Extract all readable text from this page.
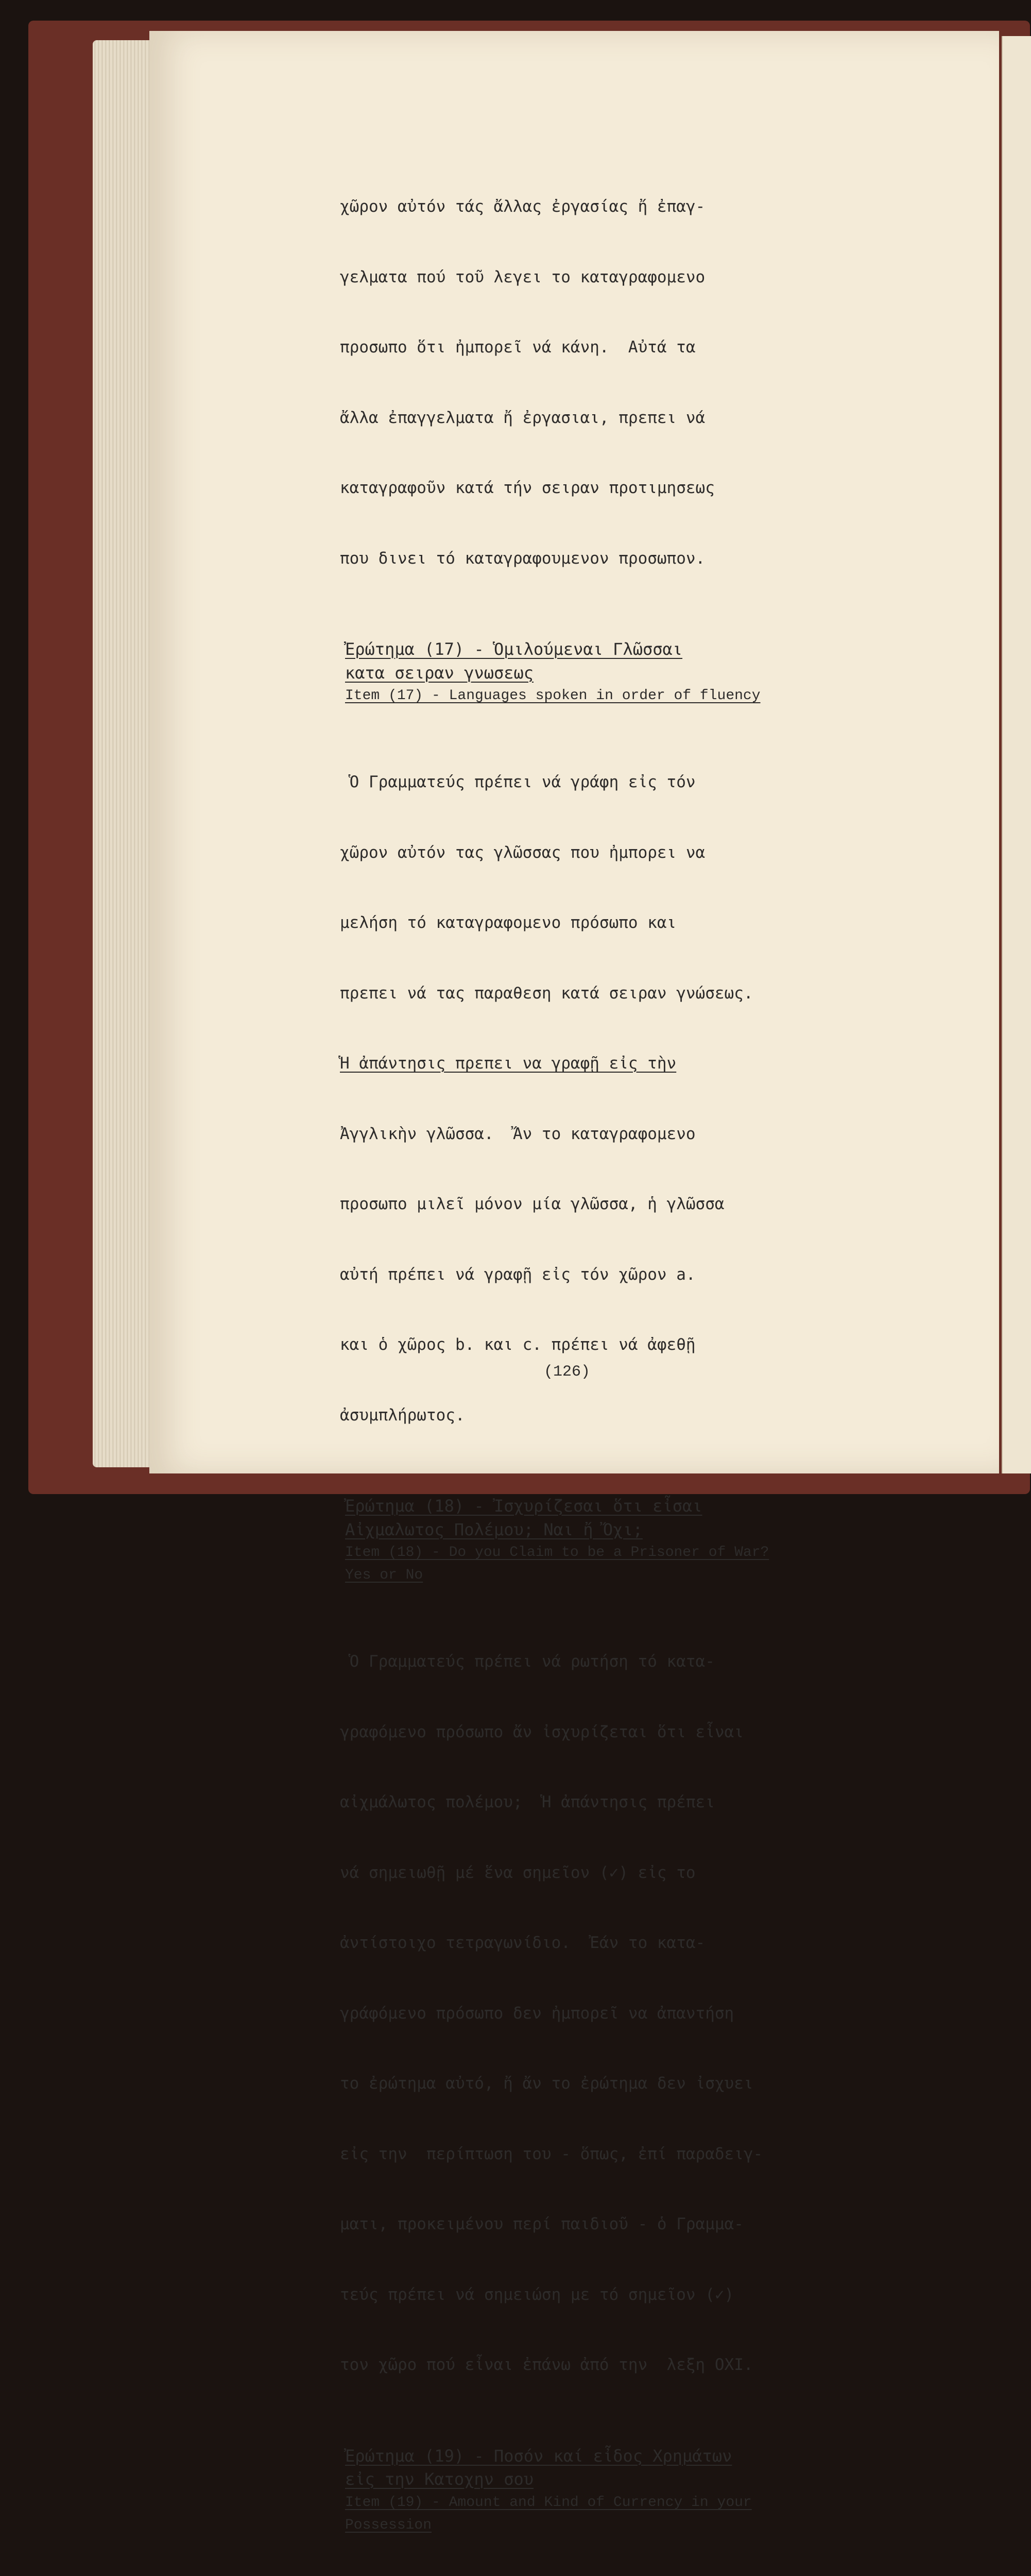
χῶρον αὐτόν τάς ἄλλας ἐργασίας ἤ ἐπαγ-

γελματα πού τοῦ λεγει το καταγραφομενο

προσωπο ὅτι ἠμπορεῖ νά κάνη.  Αὐτά τα

ἄλλα ἐπαγγελματα ἤ ἐργασιαι, πρεπει νά

καταγραφοῦν κατά τήν σειραν προτιμησεως

που δινει τό καταγραφουμενον προσωπον.

Ἐρώτημα (17) - Ὁμιλούμεναι Γλῶσσαι
κατα σειραν γνωσεως
Item (17) - Languages spoken in order of fluency

Ὁ Γραμματεύς πρέπει νά γράφη εἰς τόν

χῶρον αὐτόν τας γλῶσσας που ἠμπορει να

μελήση τό καταγραφομενο πρόσωπο και

πρεπει νά τας παραθεση κατά σειραν γνώσεως.

Ἡ ἀπάντησις πρεπει να γραφῇ εἰς τὴν

Ἀγγλικὴν γλῶσσα.  Ἄν το καταγραφομενο

προσωπο μιλεῖ μόνον μία γλῶσσα, ἡ γλῶσσα

αὐτή πρέπει νά γραφῇ εἰς τόν χῶρον a.

και ὁ χῶρος b. και c. πρέπει νά ἀφεθῇ

ἀσυμπλήρωτος.

Ἐρώτημα (18) - Ἰσχυρίζεσαι ὅτι εἶσαι
Αἰχμαλωτος Πολέμου; Ναι ἤ Ὄχι;
Item (18) - Do you Claim to be a Prisoner of War?
Yes or No

Ὁ Γραμματεύς πρέπει νά ρωτήση τό κατα-

γραφόμενο πρόσωπο ἄν ἰσχυρίζεται ὅτι εἶναι

αἰχμάλωτος πολέμου;  Ἡ ἀπάντησις πρέπει

νά σημειωθῇ μέ ἕνα σημεῖον (✓) εἰς το

ἀντίστοιχο τετραγωνίδιο.  Ἐάν το κατα-

γράφόμενο πρόσωπο δεν ἠμπορεῖ να ἀπαντήση

το ἐρώτημα αὐτό, ἤ ἄν το ἐρώτημα δεν ἰσχυει

εἰς την  περίπτωση του - ὅπως, ἐπί παραδειγ-

ματι, προκειμένου περί παιδιοῦ - ὁ Γραμμα-

τεύς πρέπει νά σημειώση με τό σημεῖον (✓)

τον χῶρο πού εἶναι ἐπάνω ἀπό την  λεξη ΟΧΙ.

Ἐρώτημα (19) - Ποσόν καί εἶδος Χρημάτων
εἰς την Κατοχην σου
Item (19) - Amount and Kind of Currency in your
Possession

(126)
